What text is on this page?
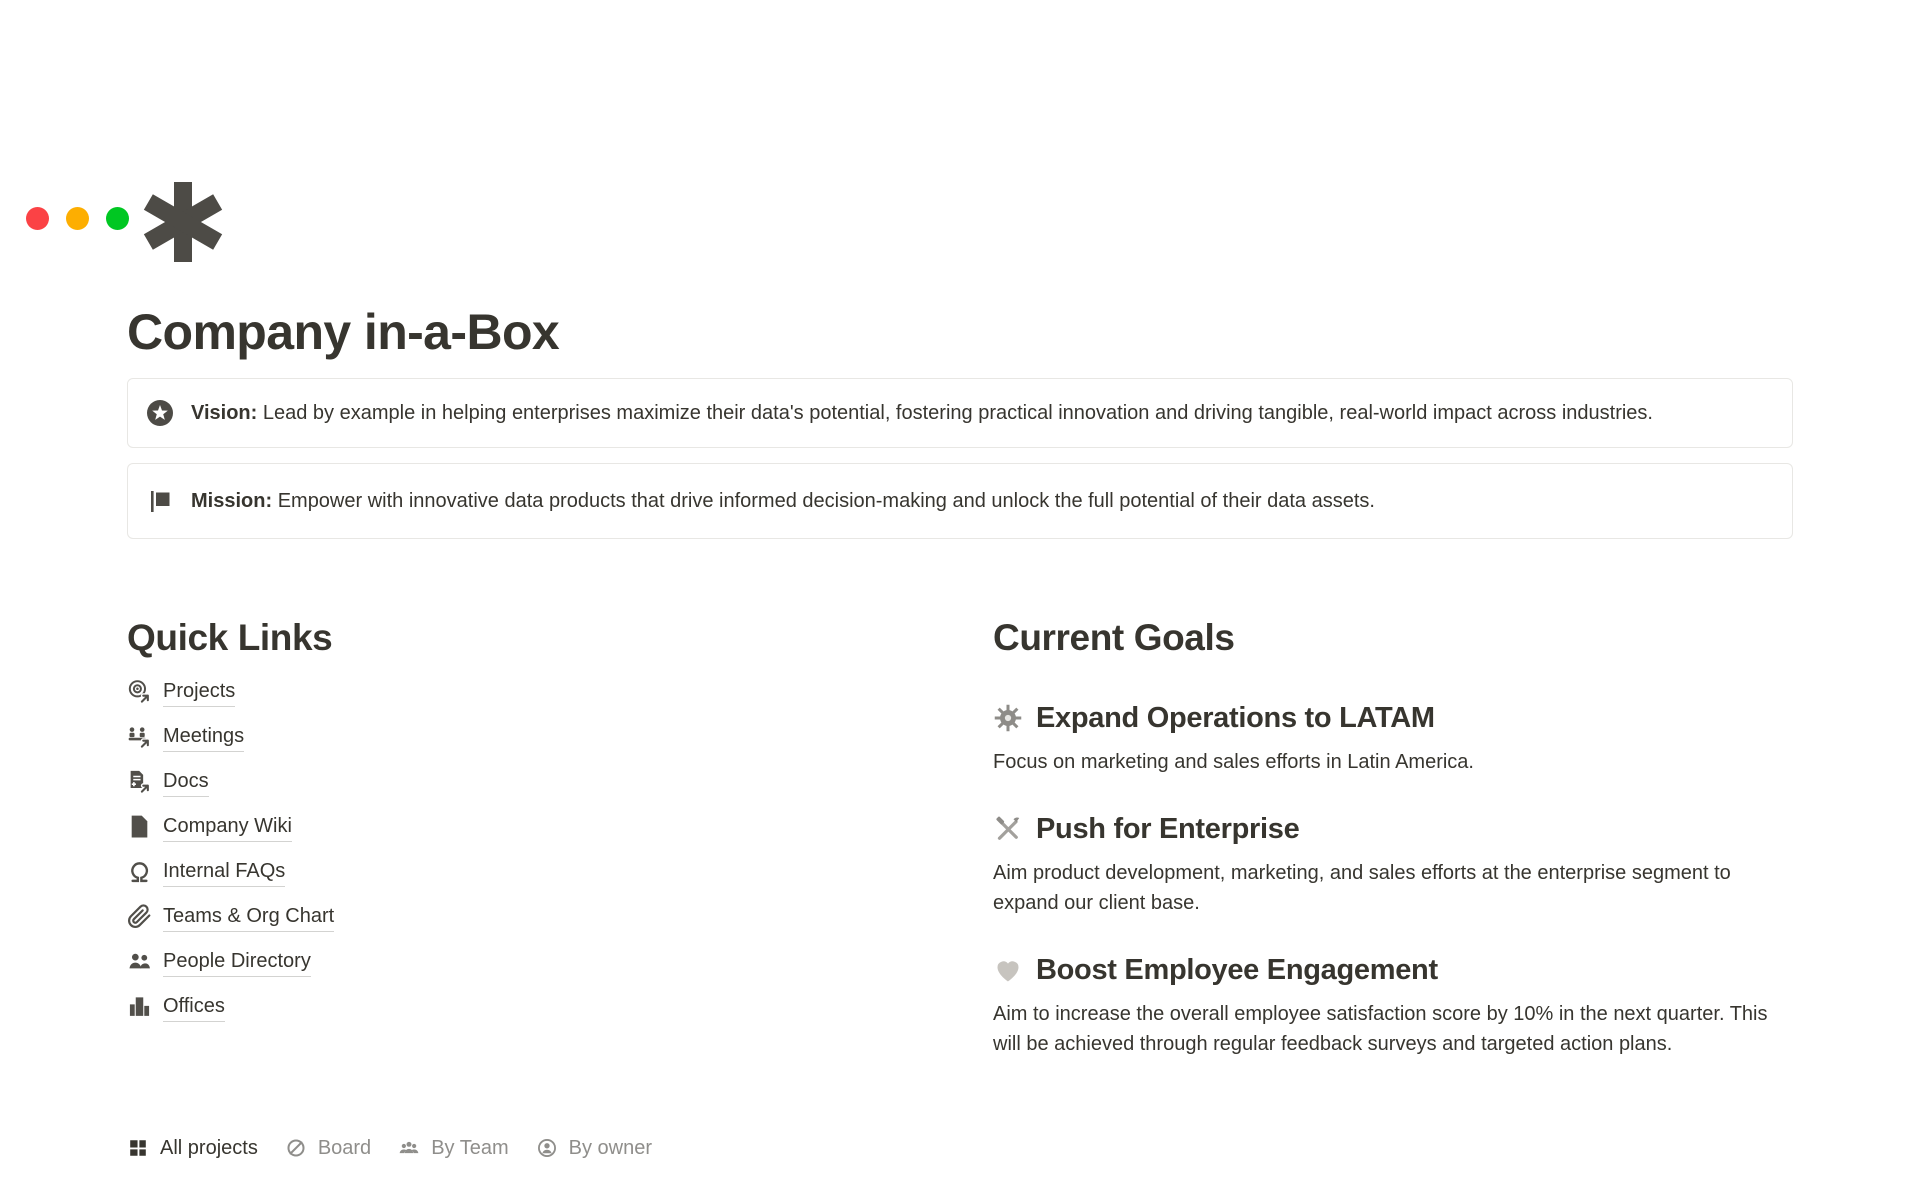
Company in-a-Box

Vision: Lead by example in helping enterprises maximize their data's potential, fostering practical innovation and driving tangible, real-world impact across industries.

Mission: Empower with innovative data products that drive informed decision-making and unlock the full potential of their data assets.

Quick Links
Projects
Meetings
Docs
Company Wiki
Internal FAQs
Teams & Org Chart
People Directory
Offices
Current Goals
Expand Operations to LATAM

Focus on marketing and sales efforts in Latin America.

Push for Enterprise

Aim product development, marketing, and sales efforts at the enterprise segment to expand our client base.

Boost Employee Engagement

Aim to increase the overall employee satisfaction score by 10% in the next quarter. This will be achieved through regular feedback surveys and targeted action plans.

All projects	Board	By Team	By owner
